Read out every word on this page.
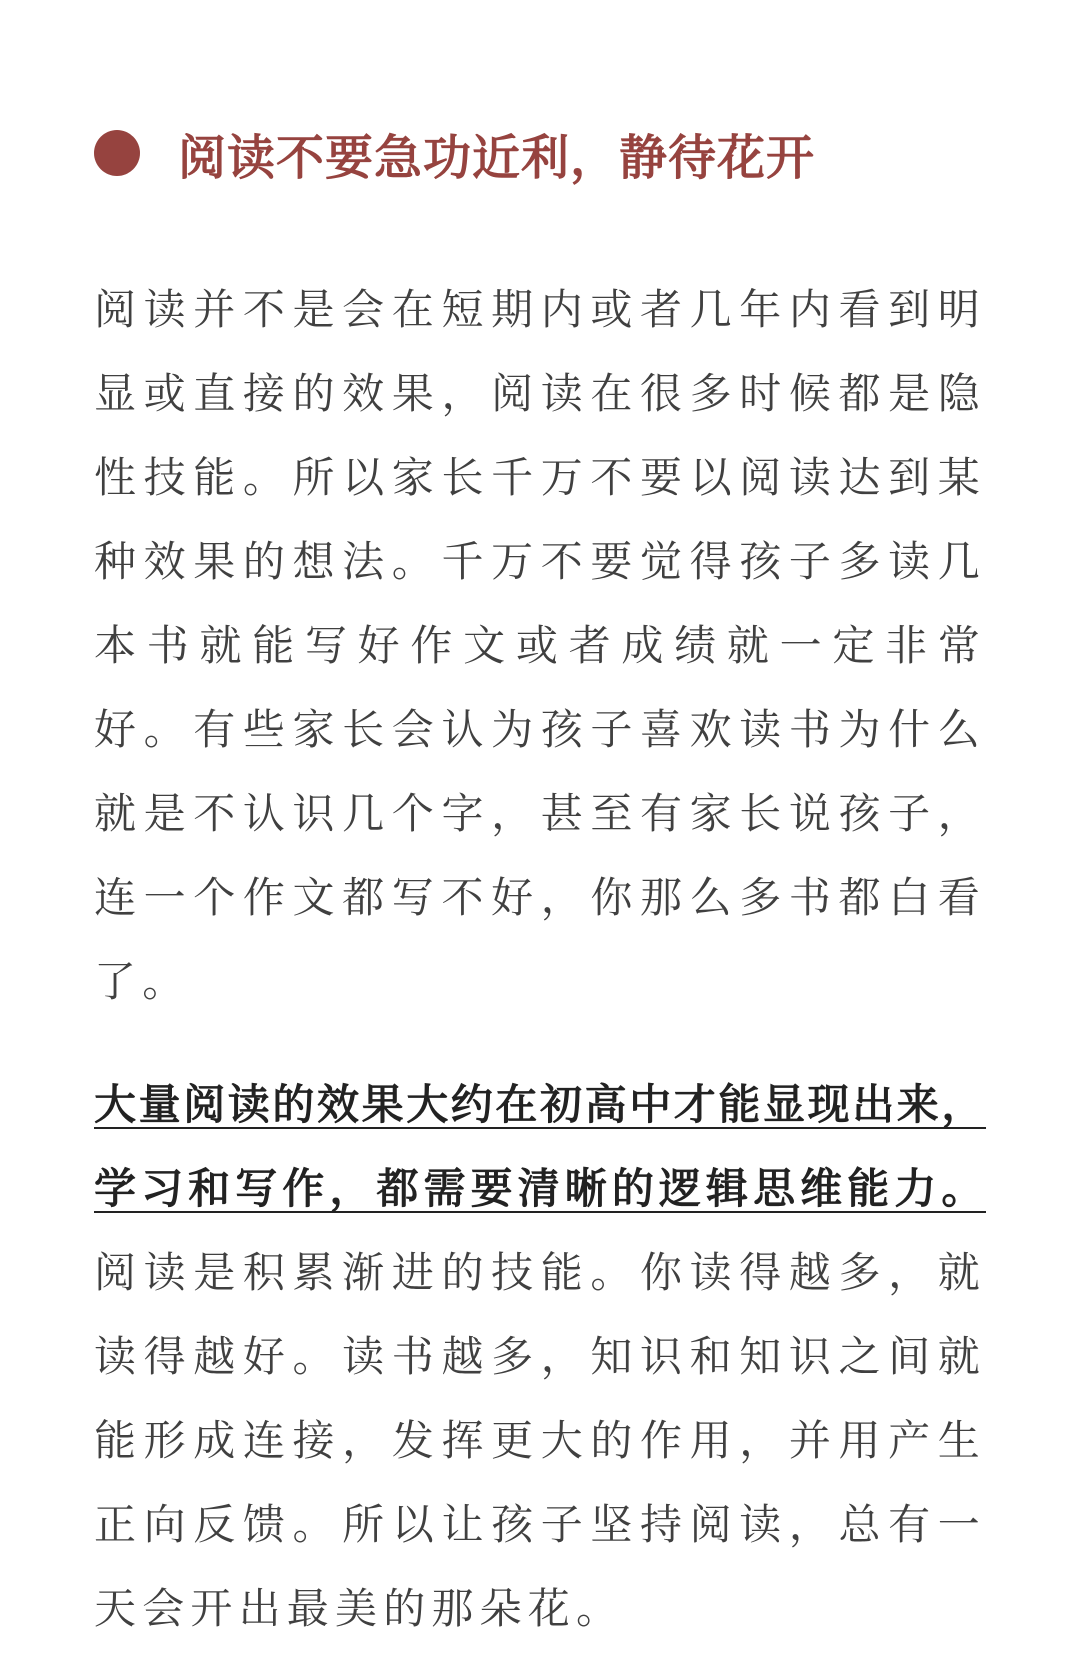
阅读不要急功近利，静待花开

阅读并不是会在短期内或者几年内看到明显或直接的效果，阅读在很多时候都是隐性技能。所以家长千万不要以阅读达到某种效果的想法。千万不要觉得孩子多读几本书就能写好作文或者成绩就一定非常好。有些家长会认为孩子喜欢读书为什么就是不认识几个字，甚至有家长说孩子，连一个作文都写不好，你那么多书都白看了。

大量阅读的效果大约在初高中才能显现出来，学习和写作，都需要清晰的逻辑思维能力。阅读是积累渐进的技能。你读得越多，就读得越好。读书越多，知识和知识之间就能形成连接，发挥更大的作用，并用产生正向反馈。所以让孩子坚持阅读，总有一天会开出最美的那朵花。
